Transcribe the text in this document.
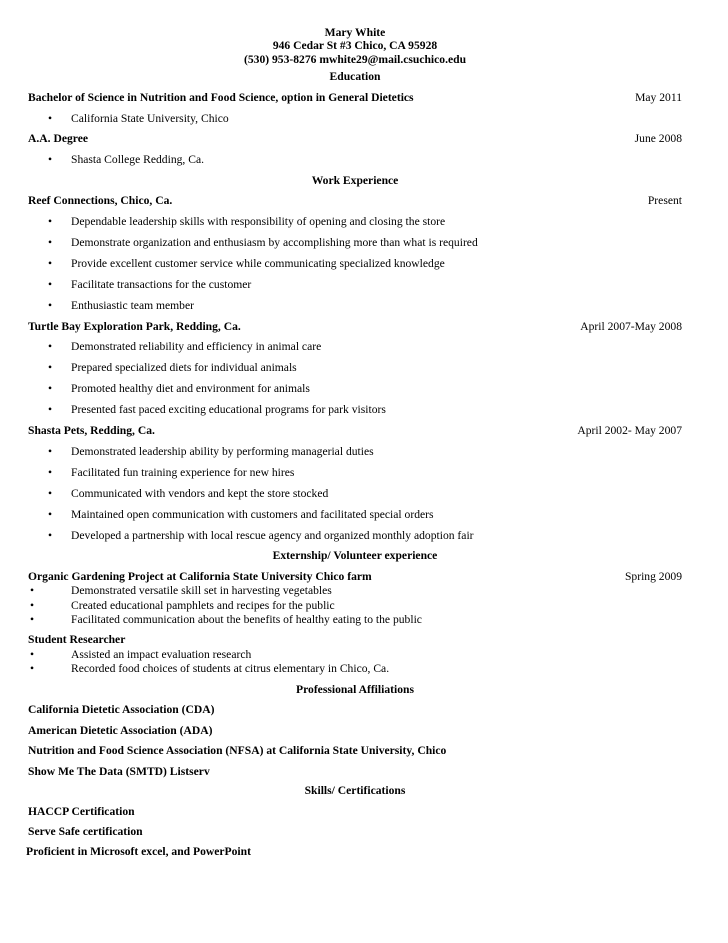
Mary White
946 Cedar St #3 Chico, CA 95928
(530) 953-8276 mwhite29@mail.csuchico.edu
Education
Bachelor of Science in Nutrition and Food Science, option in General Dietetics	May 2011
• California State University, Chico
A.A. Degree	June 2008
• Shasta College Redding, Ca.
Work Experience
Reef Connections, Chico, Ca.	Present
• Dependable leadership skills with responsibility of opening and closing the store
• Demonstrate organization and enthusiasm by accomplishing more than what is required
• Provide excellent customer service while communicating specialized knowledge
• Facilitate transactions for the customer
• Enthusiastic team member
Turtle Bay Exploration Park, Redding, Ca.	April 2007-May 2008
• Demonstrated reliability and efficiency in animal care
• Prepared specialized diets for individual animals
• Promoted healthy diet and environment for animals
• Presented fast paced exciting educational programs for park visitors
Shasta Pets, Redding, Ca.	April 2002- May 2007
• Demonstrated leadership ability by performing managerial duties
• Facilitated fun training experience for new hires
• Communicated with vendors and kept the store stocked
• Maintained open communication with customers and facilitated special orders
• Developed a partnership with local rescue agency and organized monthly adoption fair
Externship/ Volunteer experience
Organic Gardening Project at California State University Chico farm	Spring 2009
•	Demonstrated versatile skill set in harvesting vegetables
•	Created educational pamphlets and recipes for the public
•	Facilitated communication about the benefits of healthy eating to the public
Student Researcher
•	Assisted an impact evaluation research
•	Recorded food choices of students at citrus elementary in Chico, Ca.
Professional Affiliations
California Dietetic Association (CDA)
American Dietetic Association (ADA)
Nutrition and Food Science Association (NFSA) at California State University, Chico
Show Me The Data (SMTD) Listserv
Skills/ Certifications
HACCP Certification
Serve Safe certification
Proficient in Microsoft excel, and PowerPoint
